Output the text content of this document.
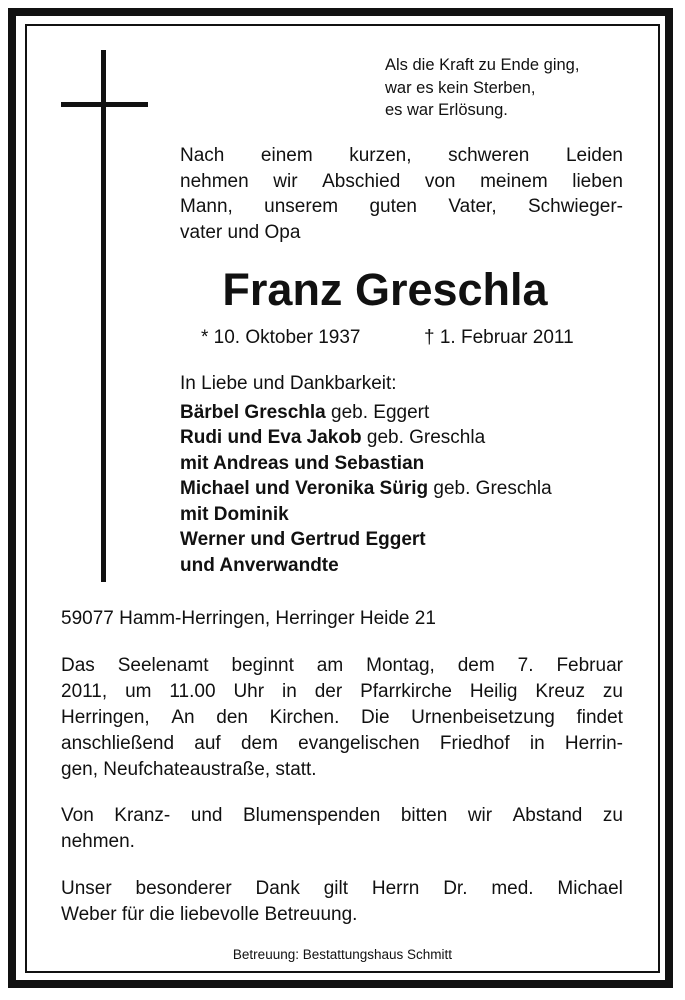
Als die Kraft zu Ende ging,
war es kein Sterben,
es war Erlösung.
Nach einem kurzen, schweren Leiden
nehmen wir Abschied von meinem lieben
Mann, unserem guten Vater, Schwieger-
vater und Opa
Franz Greschla
* 10. Oktober 1937	† 1. Februar 2011
In Liebe und Dankbarkeit:
Bärbel Greschla geb. Eggert
Rudi und Eva Jakob geb. Greschla
mit Andreas und Sebastian
Michael und Veronika Sürig geb. Greschla
mit Dominik
Werner und Gertrud Eggert
und Anverwandte
59077 Hamm-Herringen, Herringer Heide 21
Das Seelenamt beginnt am Montag, dem 7. Februar
2011, um 11.00 Uhr in der Pfarrkirche Heilig Kreuz zu
Herringen, An den Kirchen. Die Urnenbeisetzung findet
anschließend auf dem evangelischen Friedhof in Herrin-
gen, Neufchateaustraße, statt.
Von Kranz- und Blumenspenden bitten wir Abstand zu
nehmen.
Unser besonderer Dank gilt Herrn Dr. med. Michael
Weber für die liebevolle Betreuung.
Betreuung: Bestattungshaus Schmitt
